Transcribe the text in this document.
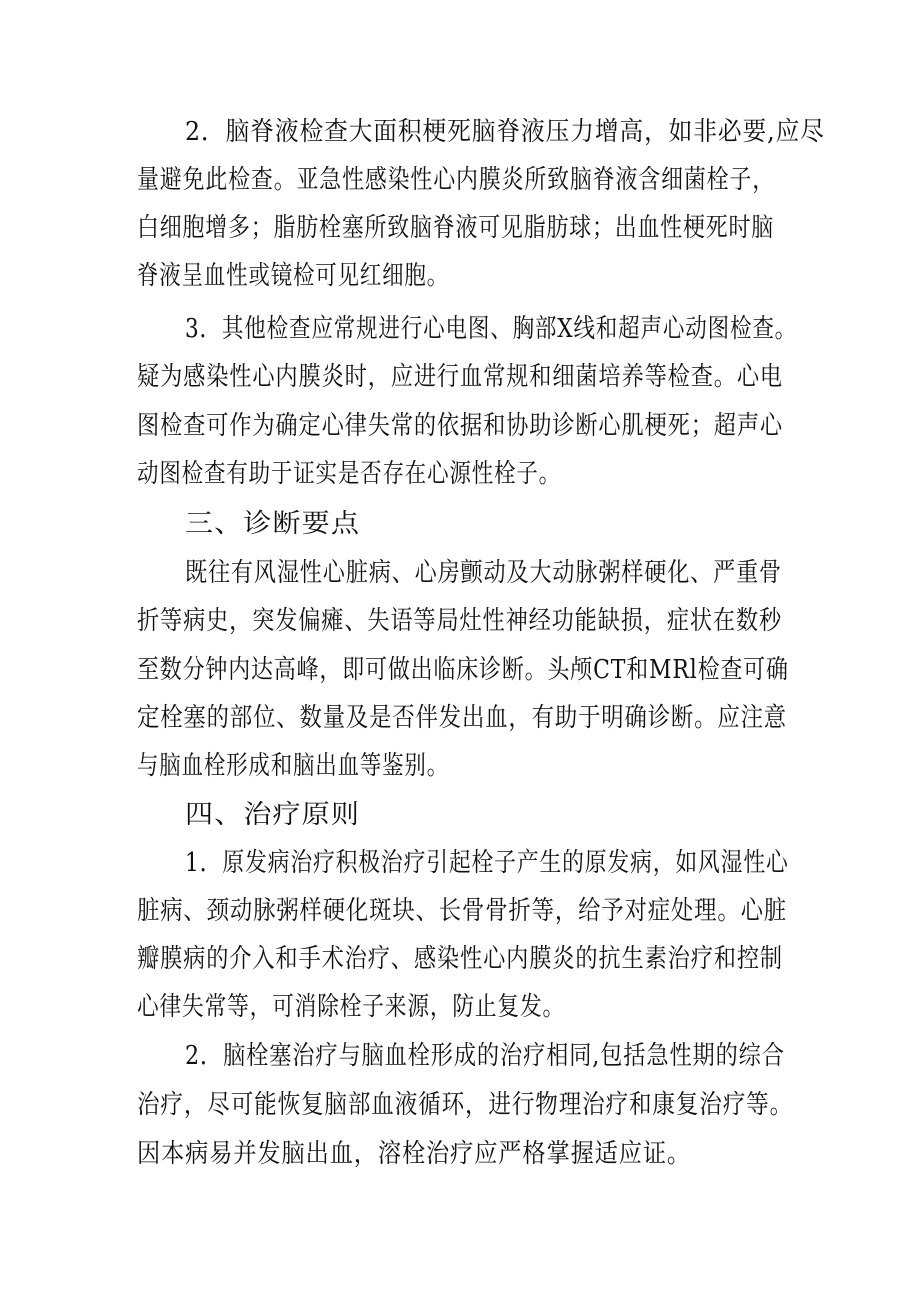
2．脑脊液检查大面积梗死脑脊液压力增高，如非必要,应尽
量避免此检查。亚急性感染性心内膜炎所致脑脊液含细菌栓子，
白细胞增多；脂肪栓塞所致脑脊液可见脂肪球；出血性梗死时脑
脊液呈血性或镜检可见红细胞。
3．其他检查应常规进行心电图、胸部X线和超声心动图检查。
疑为感染性心内膜炎时，应进行血常规和细菌培养等检查。心电
图检查可作为确定心律失常的依据和协助诊断心肌梗死；超声心
动图检查有助于证实是否存在心源性栓子。
三、诊断要点
既往有风湿性心脏病、心房颤动及大动脉粥样硬化、严重骨
折等病史，突发偏瘫、失语等局灶性神经功能缺损，症状在数秒
至数分钟内达高峰，即可做出临床诊断。头颅CT和MRl检查可确
定栓塞的部位、数量及是否伴发出血，有助于明确诊断。应注意
与脑血栓形成和脑出血等鉴别。
四、治疗原则
1．原发病治疗积极治疗引起栓子产生的原发病，如风湿性心
脏病、颈动脉粥样硬化斑块、长骨骨折等，给予对症处理。心脏
瓣膜病的介入和手术治疗、感染性心内膜炎的抗生素治疗和控制
心律失常等，可消除栓子来源，防止复发。
2．脑栓塞治疗与脑血栓形成的治疗相同,包括急性期的综合
治疗，尽可能恢复脑部血液循环，进行物理治疗和康复治疗等。
因本病易并发脑出血，溶栓治疗应严格掌握适应证。
